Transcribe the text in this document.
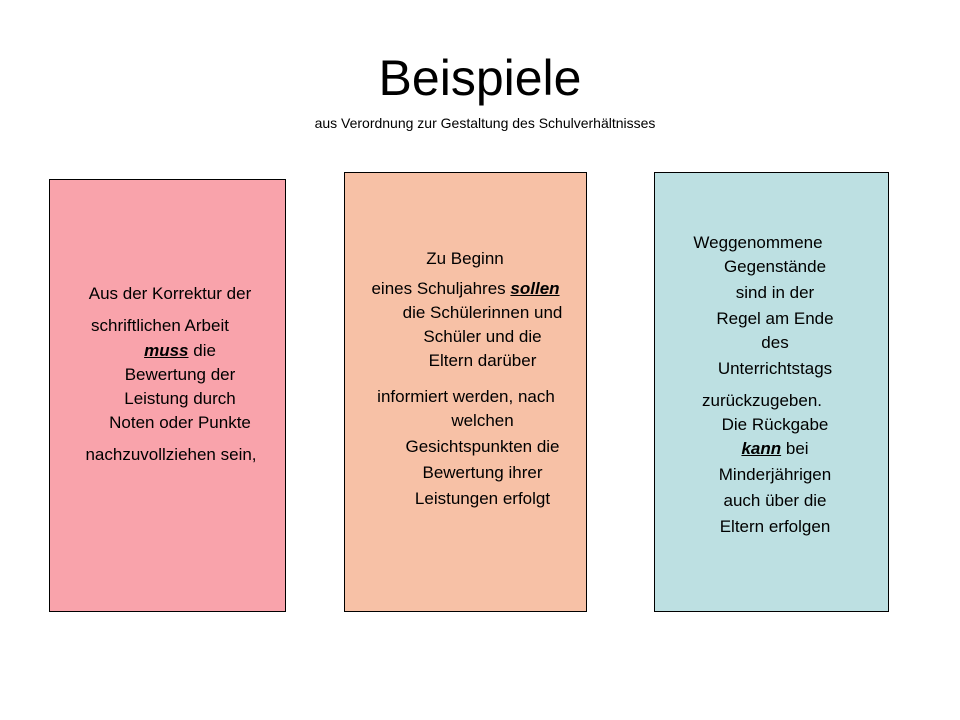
Beispiele
aus Verordnung zur Gestaltung des Schulverhältnisses
Aus der Korrektur der
schriftlichen Arbeit
muss die
Bewertung der
Leistung durch
Noten oder Punkte
nachzuvollziehen sein,
Zu Beginn
eines Schuljahres sollen
die Schülerinnen und
Schüler und die
Eltern darüber
informiert werden, nach
welchen
Gesichtspunkten die
Bewertung ihrer
Leistungen erfolgt
Weggenommene
Gegenstände
sind in der
Regel am Ende
des
Unterrichtstags
zurückzugeben.
Die Rückgabe
kann bei
Minderjährigen
auch über die
Eltern erfolgen
